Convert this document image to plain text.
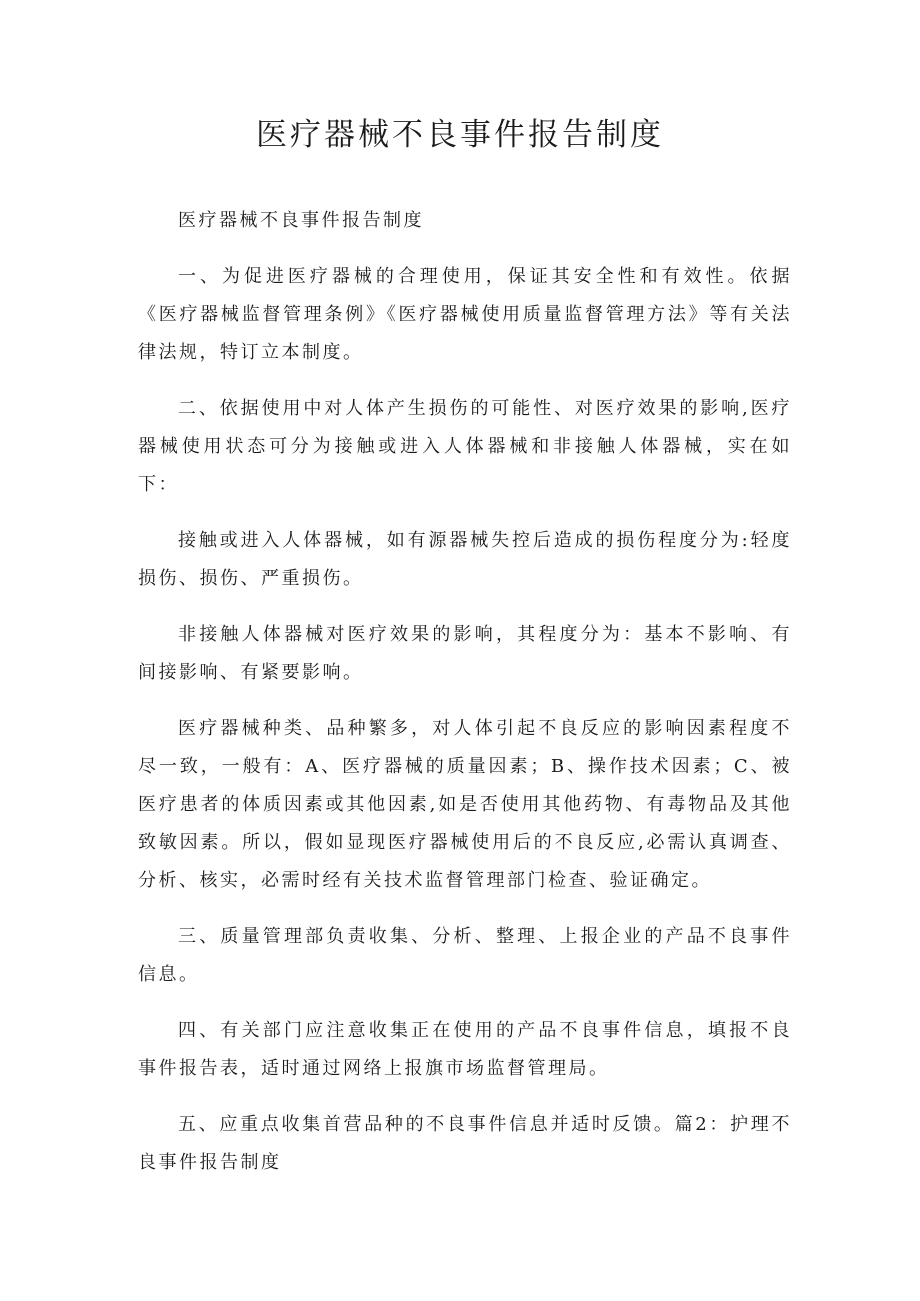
医疗器械不良事件报告制度

医疗器械不良事件报告制度

一、为促进医疗器械的合理使用，保证其安全性和有效性。依据《医疗器械监督管理条例》《医疗器械使用质量监督管理方法》等有关法律法规，特订立本制度。

二、依据使用中对人体产生损伤的可能性、对医疗效果的影响,医疗器械使用状态可分为接触或进入人体器械和非接触人体器械，实在如下：

接触或进入人体器械，如有源器械失控后造成的损伤程度分为:轻度损伤、损伤、严重损伤。

非接触人体器械对医疗效果的影响，其程度分为：基本不影响、有间接影响、有紧要影响。

医疗器械种类、品种繁多，对人体引起不良反应的影响因素程度不尽一致，一般有：A、医疗器械的质量因素；B、操作技术因素；C、被医疗患者的体质因素或其他因素,如是否使用其他药物、有毒物品及其他致敏因素。所以，假如显现医疗器械使用后的不良反应,必需认真调查、分析、核实，必需时经有关技术监督管理部门检查、验证确定。

三、质量管理部负责收集、分析、整理、上报企业的产品不良事件信息。

四、有关部门应注意收集正在使用的产品不良事件信息，填报不良事件报告表，适时通过网络上报旗市场监督管理局。

五、应重点收集首营品种的不良事件信息并适时反馈。篇2：护理不良事件报告制度
